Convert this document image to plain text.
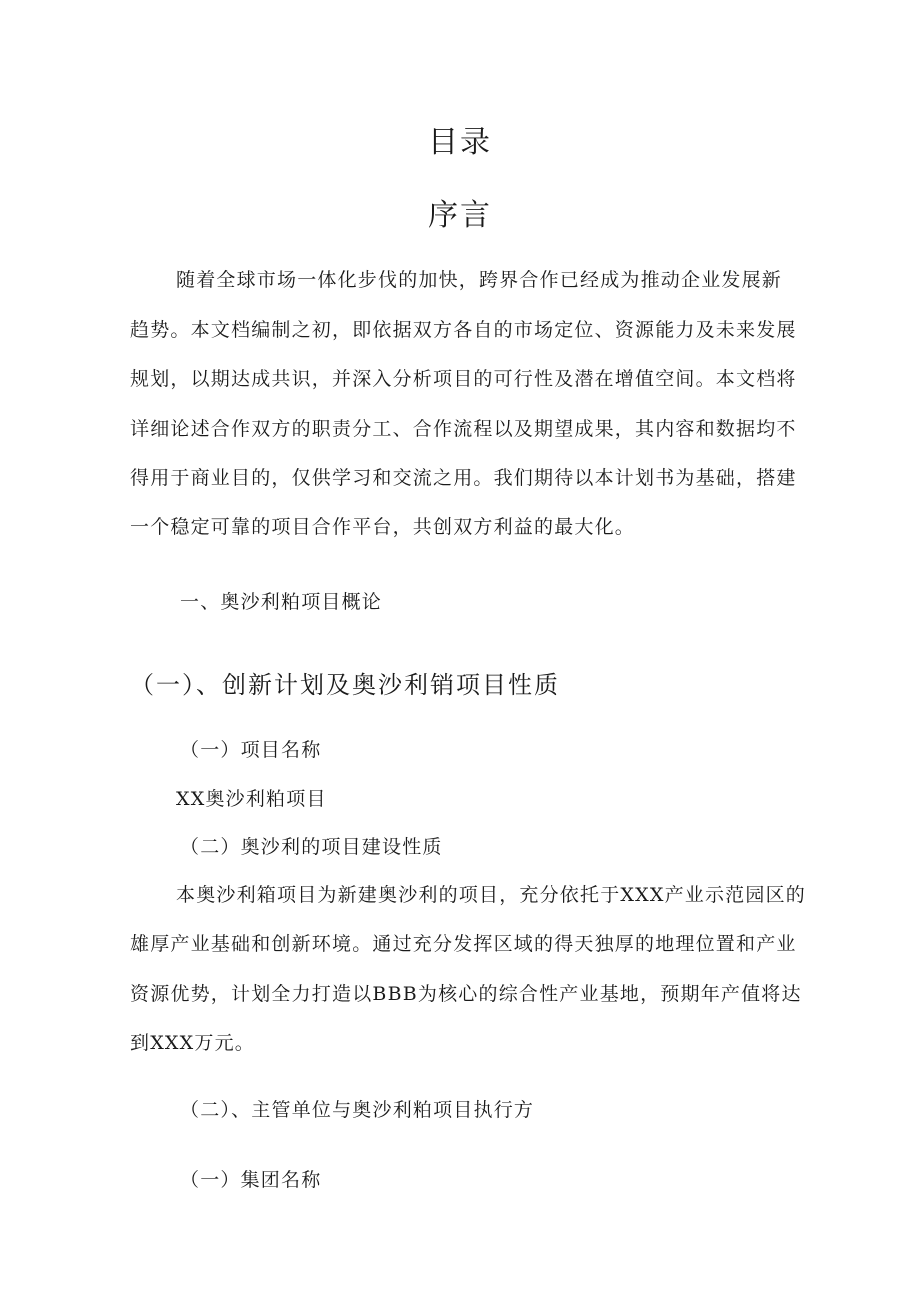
目录
序言
随着全球市场一体化步伐的加快，跨界合作已经成为推动企业发展新
趋势。本文档编制之初，即依据双方各自的市场定位、资源能力及未来发展
规划，以期达成共识，并深入分析项目的可行性及潜在增值空间。本文档将
详细论述合作双方的职责分工、合作流程以及期望成果，其内容和数据均不
得用于商业目的，仅供学习和交流之用。我们期待以本计划书为基础，搭建
一个稳定可靠的项目合作平台，共创双方利益的最大化。
一、奥沙利粕项目概论
（一）、创新计划及奥沙利销项目性质
（一）项目名称
XX奥沙利粕项目
（二）奥沙利的项目建设性质
本奥沙利箱项目为新建奥沙利的项目，充分依托于XXX产业示范园区的
雄厚产业基础和创新环境。通过充分发挥区域的得天独厚的地理位置和产业
资源优势，计划全力打造以BBB为核心的综合性产业基地，预期年产值将达
到XXX万元。
（二）、主管单位与奥沙利粕项目执行方
（一）集团名称
